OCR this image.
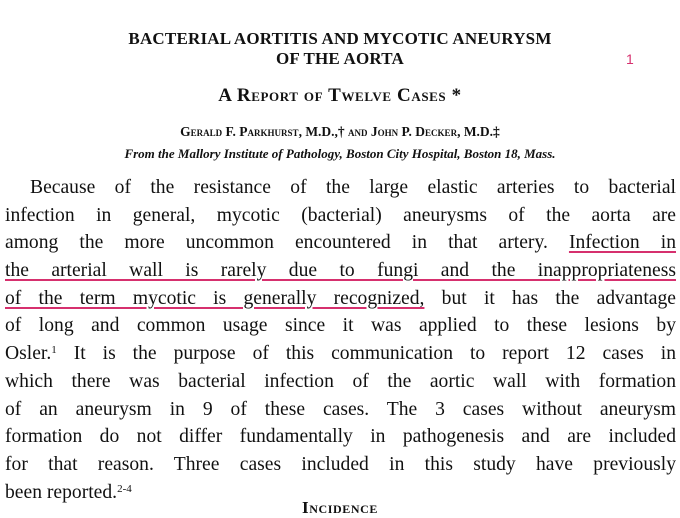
1
BACTERIAL AORTITIS AND MYCOTIC ANEURYSM
OF THE AORTA
A Report of Twelve Cases *
Gerald F. Parkhurst, M.D.,† and John P. Decker, M.D.‡
From the Mallory Institute of Pathology, Boston City Hospital, Boston 18, Mass.
Because of the resistance of the large elastic arteries to bacterial
infection in general, mycotic (bacterial) aneurysms of the aorta are
among the more uncommon encountered in that artery. Infection in
the arterial wall is rarely due to fungi and the inappropriateness
of the term mycotic is generally recognized, but it has the advantage
of long and common usage since it was applied to these lesions by
Osler.$^1$ It is the purpose of this communication to report 12 cases in
which there was bacterial infection of the aortic wall with formation
of an aneurysm in 9 of these cases. The 3 cases without aneurysm
formation do not differ fundamentally in pathogenesis and are included
for that reason. Three cases included in this study have previously
been reported.$^{2-4}$
Incidence
